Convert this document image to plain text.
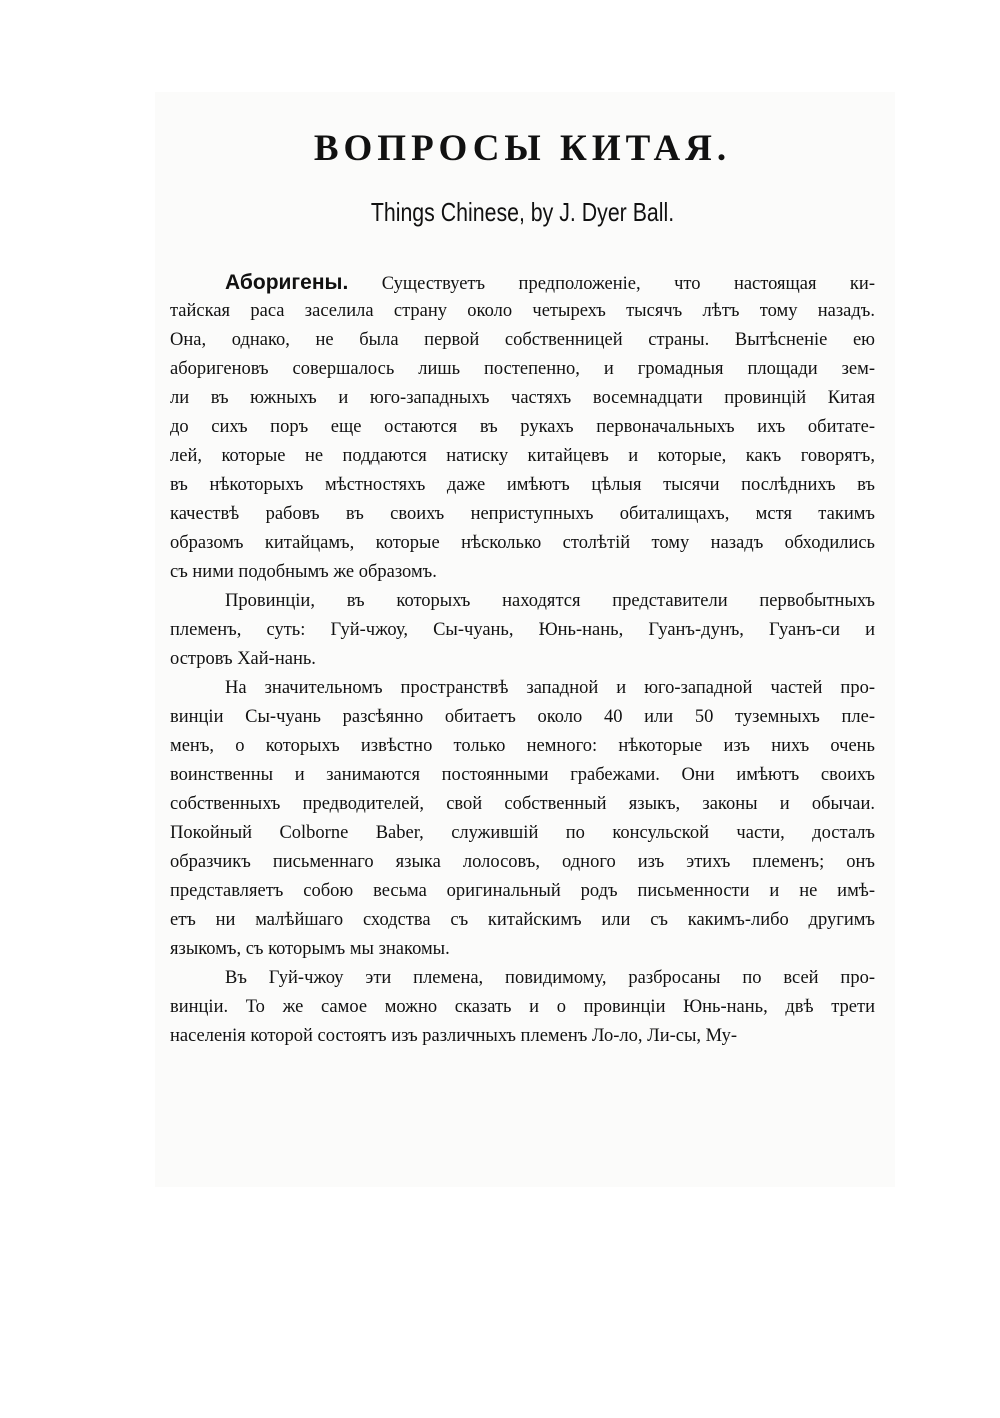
ВОПРОСЫ КИТАЯ.
Things Chinese, by J. Dyer Ball.
Аборигены. Существуетъ предположенiе, что настоящая ки-
тайская раса заселила страну около четырехъ тысячъ лѣтъ тому назадъ.
Она, однако, не была первой собственницей страны. Вытѣсненiе ею
аборигеновъ совершалось лишь постепенно, и громадныя площади зем-
ли въ южныхъ и юго-западныхъ частяхъ восемнадцати провинцiй Китая
до сихъ поръ еще остаются въ рукахъ первоначальныхъ ихъ обитате-
лей, которые не поддаются натиску китайцевъ и которые, какъ говорятъ,
въ нѣкоторыхъ мѣстностяхъ даже имѣютъ цѣлыя тысячи послѣднихъ въ
качествѣ рабовъ въ своихъ неприступныхъ обиталищахъ, мстя такимъ
образомъ китайцамъ, которые нѣсколько столѣтiй тому назадъ обходились
съ ними подобнымъ же образомъ.
Провинцiи, въ которыхъ находятся представители первобытныхъ
племенъ, суть: Гуй-чжоу, Сы-чуань, Юнь-нань, Гуанъ-дунъ, Гуанъ-си и
островъ Хай-нань.
На значительномъ пространствѣ западной и юго-западной частей про-
винцiи Сы-чуань разсѣянно обитаетъ около 40 или 50 туземныхъ пле-
менъ, о которыхъ извѣстно только немного: нѣкоторые изъ нихъ очень
воинственны и занимаются постоянными грабежами. Они имѣютъ своихъ
собственныхъ предводителей, свой собственный языкъ, законы и обычаи.
Покойный Colborne Baber, служившiй по консульской части, досталъ
образчикъ письменнаго языка лолосовъ, одного изъ этихъ племенъ; онъ
представляетъ собою весьма оригинальный родъ письменности и не имѣ-
етъ ни малѣйшаго сходства съ китайскимъ или съ какимъ-либо другимъ
языкомъ, съ которымъ мы знакомы.
Въ Гуй-чжоу эти племена, повидимому, разбросаны по всей про-
винцiи. То же самое можно сказать и о провинцiи Юнь-нань, двѣ трети
населенiя которой состоятъ изъ различныхъ племенъ Ло-ло, Ли-сы, Му-
